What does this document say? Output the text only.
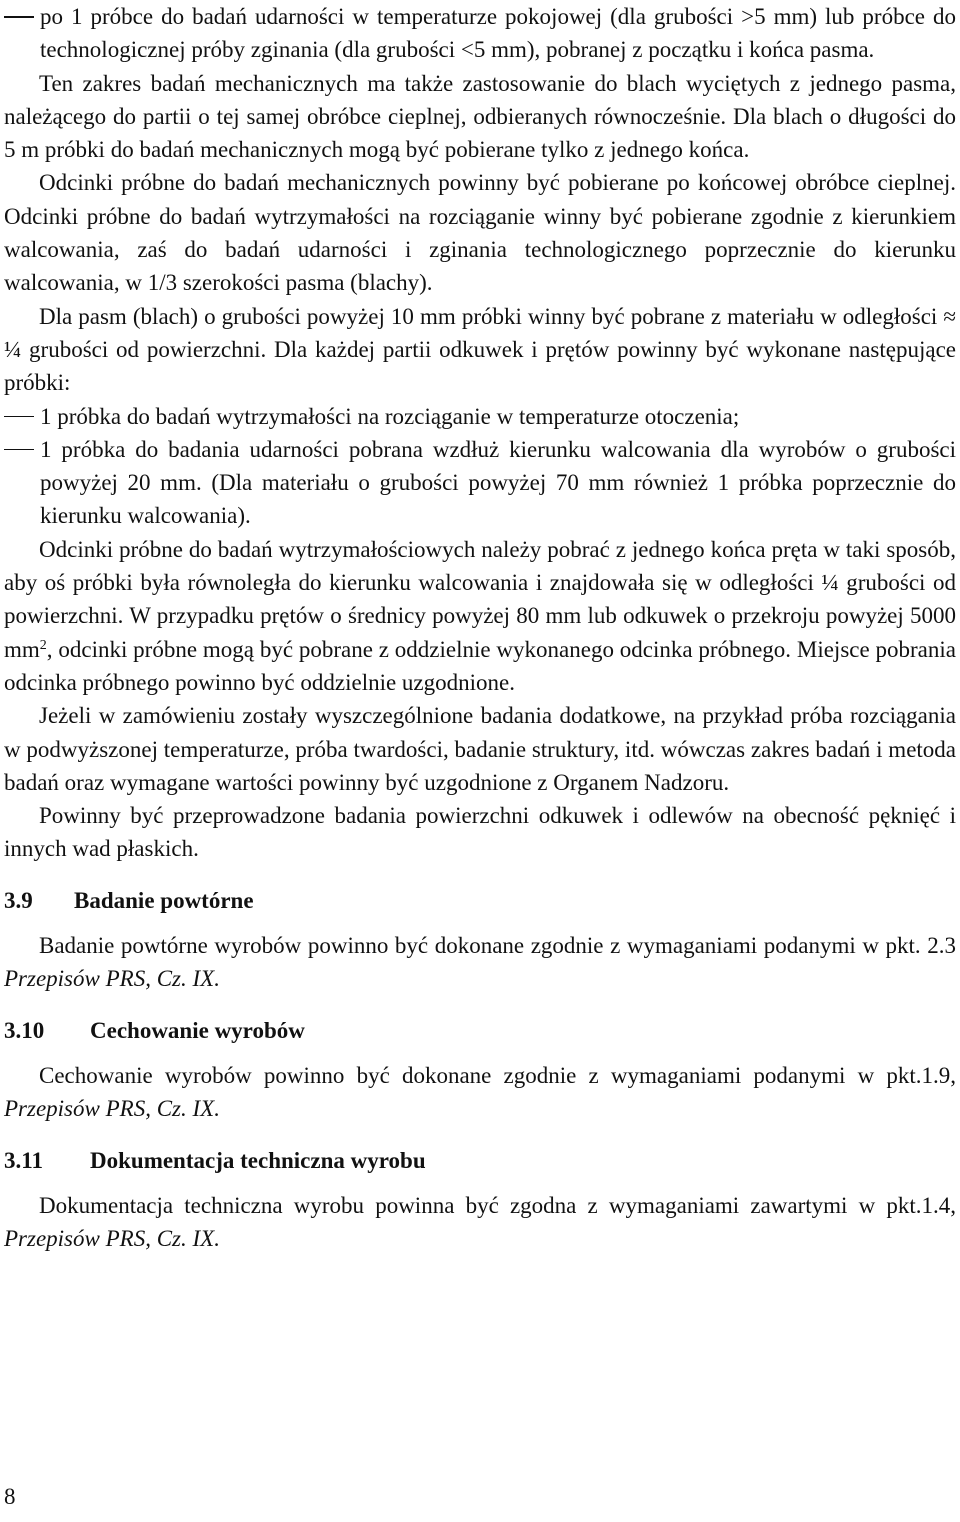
po 1 próbce do badań udarności w temperaturze pokojowej (dla grubości >5 mm) lub próbce do technologicznej próby zginania (dla grubości <5 mm), pobranej z początku i końca pasma.

Ten zakres badań mechanicznych ma także zastosowanie do blach wyciętych z jednego pasma, należącego do partii o tej samej obróbce cieplnej, odbieranych równocześnie. Dla blach o długości do 5 m próbki do badań mechanicznych mogą być pobierane tylko z jednego końca.

Odcinki próbne do badań mechanicznych powinny być pobierane po końcowej obróbce cieplnej. Odcinki próbne do badań wytrzymałości na rozciąganie winny być pobierane zgodnie z kierunkiem walcowania, zaś do badań udarności i zginania technologicznego poprzecznie do kierunku walcowania, w 1/3 szerokości pasma (blachy).

Dla pasm (blach) o grubości powyżej 10 mm próbki winny być pobrane z materiału w odległości ≈ ¼ grubości od powierzchni. Dla każdej partii odkuwek i prętów powinny być wykonane następujące próbki:

1 próbka do badań wytrzymałości na rozciąganie w temperaturze otoczenia;

1 próbka do badania udarności pobrana wzdłuż kierunku walcowania dla wyrobów o grubości powyżej 20 mm. (Dla materiału o grubości powyżej 70 mm również 1 próbka poprzecznie do kierunku walcowania).

Odcinki próbne do badań wytrzymałościowych należy pobrać z jednego końca pręta w taki sposób, aby oś próbki była równoległa do kierunku walcowania i znajdowała się w odległości ¼ grubości od powierzchni. W przypadku prętów o średnicy powyżej 80 mm lub odkuwek o przekroju powyżej 5000 $mm^2$, odcinki próbne mogą być pobrane z oddzielnie wykonanego odcinka próbnego. Miejsce pobrania odcinka próbnego powinno być oddzielnie uzgodnione.

Jeżeli w zamówieniu zostały wyszczególnione badania dodatkowe, na przykład próba rozciągania w podwyższonej temperaturze, próba twardości, badanie struktury, itd. wówczas zakres badań i metoda badań oraz wymagane wartości powinny być uzgodnione z Organem Nadzoru.

Powinny być przeprowadzone badania powierzchni odkuwek i odlewów na obecność pęknięć i innych wad płaskich.

3.9 Badanie powtórne

Badanie powtórne wyrobów powinno być dokonane zgodnie z wymaganiami podanymi w pkt. 2.3 Przepisów PRS, Cz. IX.

3.10 Cechowanie wyrobów

Cechowanie wyrobów powinno być dokonane zgodnie z wymaganiami podanymi w pkt.1.9, Przepisów PRS, Cz. IX.

3.11 Dokumentacja techniczna wyrobu

Dokumentacja techniczna wyrobu powinna być zgodna z wymaganiami zawartymi w pkt.1.4, Przepisów PRS, Cz. IX.

8
